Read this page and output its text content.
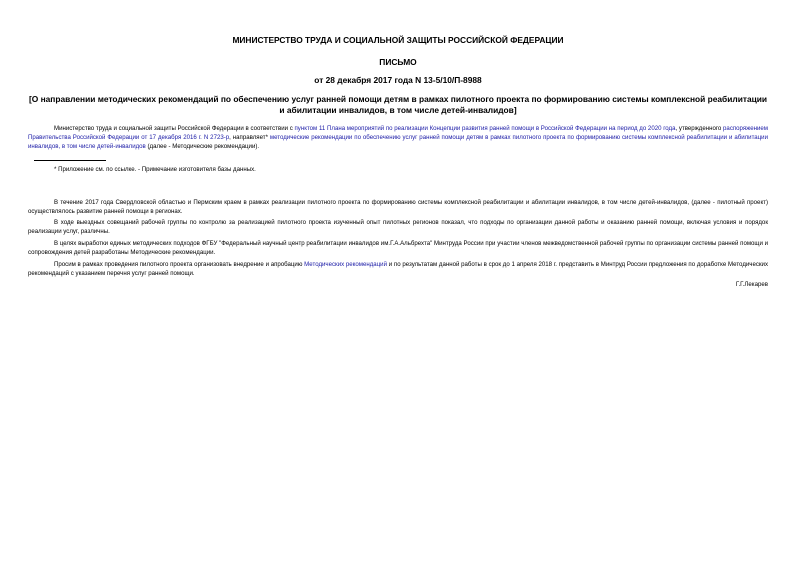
МИНИСТЕРСТВО ТРУДА И СОЦИАЛЬНОЙ ЗАЩИТЫ РОССИЙСКОЙ ФЕДЕРАЦИИ
ПИСЬМО
от 28 декабря 2017 года N 13-5/10/П-8988
[О направлении методических рекомендаций по обеспечению услуг ранней помощи детям в рамках пилотного проекта по формированию системы комплексной реабилитации и абилитации инвалидов, в том числе детей-инвалидов]

Министерство труда и социальной защиты Российской Федерации в соответствии с пунктом 11 Плана мероприятий по реализации Концепции развития ранней помощи в Российской Федерации на период до 2020 года, утвержденного распоряжением Правительства Российской Федерации от 17 декабря 2016 г. N 2723-р, направляет* методические рекомендации по обеспечению услуг ранней помощи детям в рамках пилотного проекта по формированию системы комплексной реабилитации и абилитации инвалидов, в том числе детей-инвалидов (далее - Методические рекомендации).

* Приложение см. по ссылке. - Примечание изготовителя базы данных.

В течение 2017 года Свердловской областью и Пермским краем в рамках реализации пилотного проекта по формированию системы комплексной реабилитации и абилитации инвалидов, в том числе детей-инвалидов, (далее - пилотный проект) осуществлялось развитие ранней помощи в регионах.

В ходе выездных совещаний рабочей группы по контролю за реализацией пилотного проекта изученный опыт пилотных регионов показал, что подходы по организации данной работы и оказанию ранней помощи, включая условия и порядок реализации услуг, различны.

В целях выработки единых методических подходов ФГБУ "Федеральный научный центр реабилитации инвалидов им.Г.А.Альбрехта" Минтруда России при участии членов межведомственной рабочей группы по организации системы ранней помощи и сопровождения детей разработаны Методические рекомендации.

Просим в рамках проведения пилотного проекта организовать внедрение и апробацию Методических рекомендаций и по результатам данной работы в срок до 1 апреля 2018 г. представить в Минтруд России предложения по доработке Методических рекомендаций с указанием перечня услуг ранней помощи.

Г.Г.Лекарев
